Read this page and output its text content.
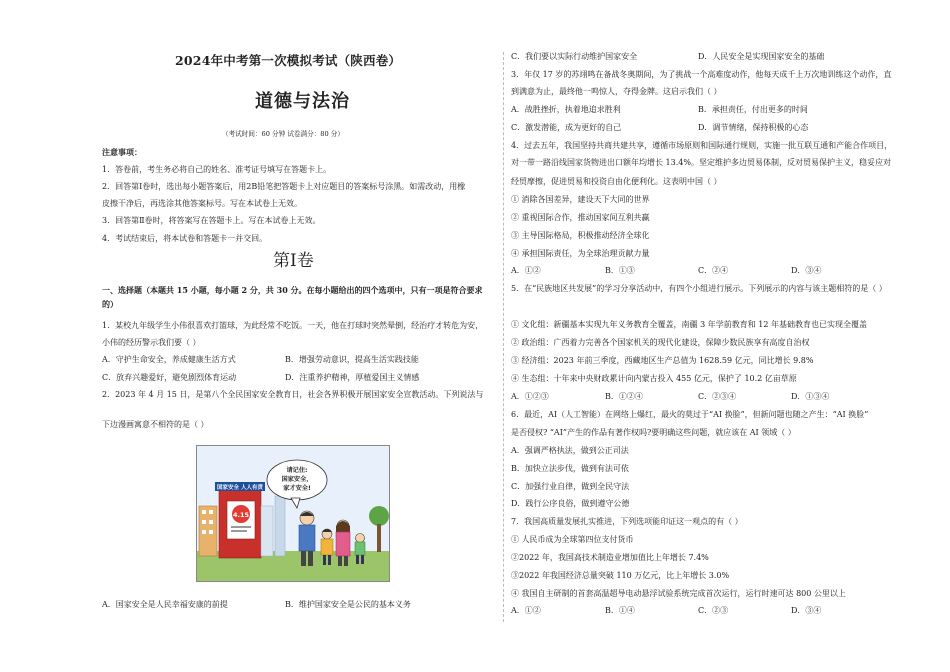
2024年中考第一次模拟考试（陕西卷）
道德与法治
（考试时间：60 分钟 试卷满分：80 分）
注意事项：
1．答卷前，考生务必将自己的姓名、准考证号填写在答题卡上。
2．回答第Ⅰ卷时，选出每小题答案后，用2B铅笔把答题卡上对应题目的答案标号涂黑。如需改动，用橡
皮擦干净后，再选涂其他答案标号。写在本试卷上无效。
3．回答第Ⅱ卷时，将答案写在答题卡上。写在本试卷上无效。
4．考试结束后，将本试卷和答题卡一并交回。
第Ⅰ卷
一、选择题（本题共 15 小题，每小题 2 分，共 30 分。在每小题给出的四个选项中，只有一项是符合要求
的）
1．某校九年级学生小伟很喜欢打篮球，为此经常不吃饭。一天，他在打球时突然晕倒，经治疗才转危为安，
小伟的经历警示我们要（ ）
A．守护生命安全，养成健康生活方式	B．增强劳动意识，提高生活实践技能
C．放弃兴趣爱好，避免剧烈体育运动	D．注重养护精神，厚植爱国主义情感
2．2023 年 4 月 15 日，是第八个全民国家安全教育日，社会各界积极开展国家安全宣教活动。下列说法与
下边漫画寓意不相符的是（ ）
A．国家安全是人民幸福安康的前提	B．维护国家安全是公民的基本义务
国家安全 人人有责
4.15
请记住:
国家安全，
家才安全!
C．我们要以实际行动维护国家安全	D．人民安全是实现国家安全的基础
3．年仅 17 岁的苏翊鸣在备战冬奥期间，为了挑战一个高难度动作，他每天成千上万次地训练这个动作，直
到满意为止，最终他一鸣惊人，夺得金牌。这启示我们（ ）
A．战胜挫折，执着地追求胜利	B．承担责任，付出更多的时间
C．激发潜能，成为更好的自己	D．调节情绪，保持积极的心态
4．过去五年，我国坚持共商共建共享，遵循市场原则和国际通行规则，实施一批互联互通和产能合作项目，
对一带一路沿线国家货物进出口额年均增长 13.4%。坚定维护多边贸易体制，反对贸易保护主义，稳妥应对
经贸摩擦，促进贸易和投资自由化便利化。这表明中国（ ）
① 消除各国差异，建设天下大同的世界
② 重视国际合作，推动国家间互利共赢
③ 主导国际格局，积极推动经济全球化
④ 承担国际责任，为全球治理贡献力量
A．①②	B．①③	C．②④	D．③④
5．在“民族地区共发展”的学习分享活动中，有四个小组进行展示。下列展示的内容与该主题相符的是（ ）
① 文化组：新疆基本实现九年义务教育全覆盖，南疆 3 年学前教育和 12 年基础教育也已实现全覆盖
② 政治组：广西着力完善各个国家机关的现代化建设，保障少数民族享有高度自治权
③ 经济组：2023 年前三季度，西藏地区生产总值为 1628.59 亿元，同比增长 9.8%
④ 生态组：十年来中央财政累计向内蒙古投入 455 亿元，保护了 10.2 亿亩草原
A．①②③	B．①②④	C．②③④	D．①③④
6．最近，AI（人工智能）在网络上爆红，最火的莫过于“AI 换脸”，但新问题也随之产生：“AI 换脸”
是否侵权? “AI”产生的作品有著作权吗?要明确这些问题，就应该在 AI 领域（ ）
A．强调严格执法，做到公正司法
B．加快立法步伐，做到有法可依
C．加强行业自律，做到全民守法
D．践行公序良俗，做到遵守公德
7．我国高质量发展扎实推进，下列选项能印证这一观点的有（ ）
① 人民币成为全球第四位支付货币
②2022 年，我国高技术制造业增加值比上年增长 7.4%
③2022 年我国经济总量突破 110 万亿元，比上年增长 3.0%
④ 我国自主研制的首套高温超导电动悬浮试验系统完成首次运行，运行时速可达 800 公里以上
A．①②	B．①④	C．②③	D．③④
